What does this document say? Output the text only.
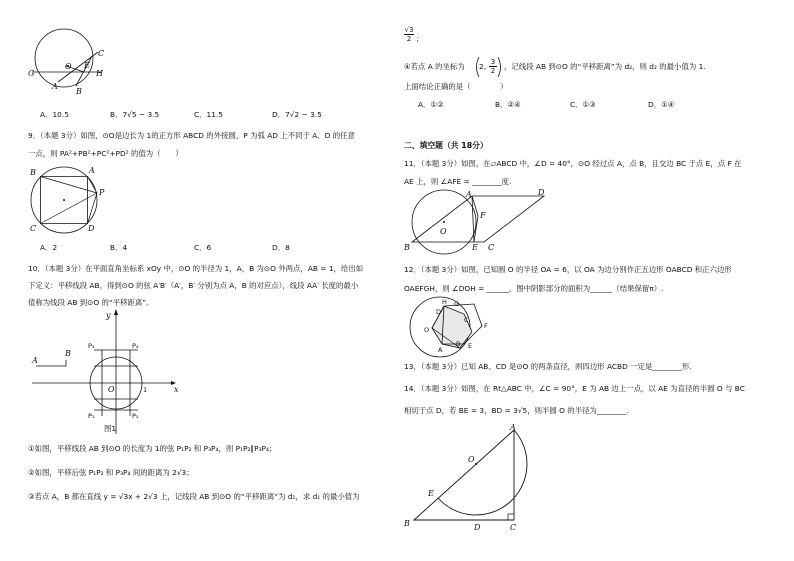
C
G
O E
H
A
B
A．10.5	B．7√5 − 3.5	C．11.5	D．7√2 − 3.5
9．（本题 3分）如图，⊙O是边长为 1的正方形 ABCD 的外接圆，P 为弧 AD 上不同于 A、D 的任意
一点，则 PA²+PB²+PC²+PD² 的值为（　　）
B	A
P
C	D
A．2	B．4	C．6	D．8
10．（本题 3分）在平面直角坐标系 xOy 中，⊙O 的半径为 1，A，B 为⊙O 外两点，AB = 1，给出如
下定义：平移线段 AB，得到⊙O 的弦 A′B′（A′，B′ 分别为点 A，B 的对应点），线段 AA′ 长度的最小
值称为线段 AB 到⊙O 的“平移距离”。
y
P₃	P₄
A
B
O	1	x
P₁	P₂
图1
①如图，平移线段 AB 到⊙O 的长度为 1的弦 P₁P₂ 和 P₃P₄，则 P₁P₂∥P₃P₄；
②如图，平移后弦 P₁P₂ 和 P₃P₄ 间的距离为 2√3；
③若点 A，B 都在直线 y = √3x + 2√3 上，记线段 AB 到⊙O 的“平移距离”为 d₁，求 d₁ 的最小值为
$\frac{√3}{2}$ ；
④若点 A 的坐标为 2, $\frac{3}{2}$ ，记线段 AB 到⊙O 的“平移距离”为 d₂，则 d₂ 的最小值为 1.
上面结论正确的是（　　　　）
A．①②	B．②④	C．①③	D．①④
二、填空题（共 18分）
11．（本题 3分）如图，在▱ABCD 中，∠D = 40°，⊙O 经过点 A，点 B，且交边 BC 于点 E，点 F 在
AE 上，则 ∠AFE = ________度.
A	D
F
O
B	E C
12．（本题 3分）如图，已知圆 O 的半径 OA = 6，以 OA 为边分别作正五边形 OABCD 和正六边形
OAEFGH，则 ∠DOH = ______，图中阴影部分的面积为______（结果保留π）.
H G
D
C
F
O
E
B
A
13．（本题 3分）已知 AB、CD 是⊙O 的两条直径，则四边形 ACBD 一定是________形.
14．（本题 3分）如图，在 Rt△ABC 中，∠C = 90°，E 为 AB 边上一点，以 AE 为直径的半圆 O 与 BC
相切于点 D，若 BE = 3，BD = 3√5，则半圆 O 的半径为________.
A
O
E
B	D	C
